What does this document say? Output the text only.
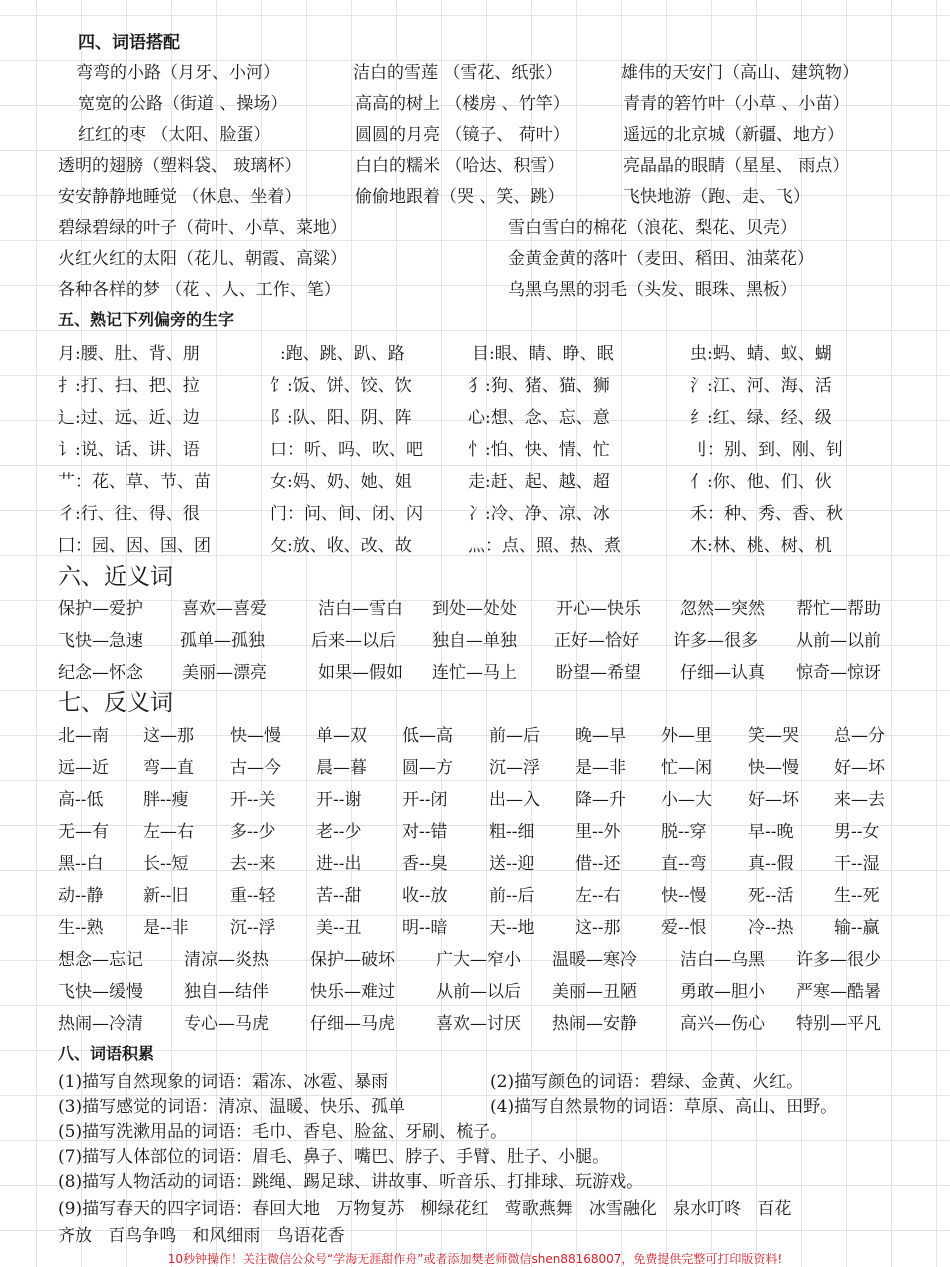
四、词语搭配
弯弯的小路（月牙、小河）	洁白的雪莲 （雪花、纸张）	雄伟的天安门（高山、建筑物）
宽宽的公路（街道 、操场）	高高的树上 （楼房 、竹竿）	青青的箬竹叶（小草 、小苗）
红红的枣 （太阳、脸蛋）	圆圆的月亮 （镜子、 荷叶）	遥远的北京城（新疆、地方）
透明的翅膀（塑料袋、 玻璃杯）	白白的糯米 （哈达、积雪）	亮晶晶的眼睛（星星、 雨点）
安安静静地睡觉 （休息、坐着）	偷偷地跟着（哭 、笑、跳）	飞快地游（跑、走、飞）
碧绿碧绿的叶子（荷叶、小草、菜地）	雪白雪白的棉花（浪花、梨花、贝壳）
火红火红的太阳（花儿、朝霞、高粱）	金黄金黄的落叶（麦田、稻田、油菜花）
各种各样的梦 （花 、人、工作、笔）	乌黑乌黑的羽毛（头发、眼珠、黑板）
五、熟记下列偏旁的生字
月:腰、肚、背、朋	:跑、跳、趴、路	目:眼、睛、睁、眠	虫:蚂、蜻、蚁、蝴
扌:打、扫、把、拉	饣:饭、饼、饺、饮	犭:狗、猪、猫、狮	氵:江、河、海、活
辶:过、远、近、边	阝:队、阳、阴、阵	心:想、念、忘、意	纟:红、绿、经、级
讠:说、话、讲、语	口：听、吗、吹、吧	忄:怕、快、情、忙	刂：别、到、刚、钊
艹：花、草、节、苗	女:妈、奶、她、姐	走:赶、起、越、超	亻:你、他、们、伙
彳:行、往、得、很	门：问、间、闭、闪	冫:冷、净、凉、冰	禾：种、秀、香、秋
囗：园、因、国、团	攵:放、收、改、故	灬：点、照、热、煮	木:林、桃、树、机
六、近义词
保护—爱护 喜欢—喜爱	洁白—雪白 到处—处处 开心—快乐 忽然—突然 帮忙—帮助
飞快—急速 孤单—孤独	后来—以后 独自—单独 正好—恰好 许多—很多 从前—以前
纪念—怀念 美丽—漂亮	如果—假如 连忙—马上 盼望—希望 仔细—认真 惊奇—惊讶
七、反义词
北—南 这—那 快—慢 单—双 低—高 前—后 晚—早 外—里 笑—哭 总—分
远—近 弯—直 古—今 晨—暮 圆—方 沉—浮 是—非 忙—闲 快—慢 好—坏
高--低 胖--瘦 开--关 开--谢 开--闭 出—入 降—升 小—大 好—坏 来—去
无—有 左—右 多--少 老--少 对--错 粗--细 里--外 脱--穿 早--晚 男--女
黑--白 长--短 去--来 进--出 香--臭 送--迎 借--还 直--弯 真--假 干--湿
动--静 新--旧 重--轻 苦--甜 收--放 前--后 左--右 快--慢 死--活 生--死
生--熟 是--非 沉--浮 美--丑 明--暗 天--地 这--那 爱--恨 冷--热 输--赢
想念—忘记 清凉—炎热 保护—破坏 广大—窄小 温暖—寒冷	洁白—乌黑 许多—很少
飞快—缓慢 独自—结伴 快乐—难过 从前—以后 美丽—丑陋	勇敢—胆小 严寒—酷暑
热闹—冷清 专心—马虎 仔细—马虎 喜欢—讨厌 热闹—安静	高兴—伤心 特别—平凡
八、词语积累
(1)描写自然现象的词语：霜冻、冰雹、暴雨	(2)描写颜色的词语：碧绿、金黄、火红。
(3)描写感觉的词语：清凉、温暖、快乐、孤单	(4)描写自然景物的词语：草原、高山、田野。
(5)描写洗漱用品的词语：毛巾、香皂、脸盆、牙刷、梳子。
(7)描写人体部位的词语：眉毛、鼻子、嘴巴、脖子、手臂、肚子、小腿。
(8)描写人物活动的词语：跳绳、踢足球、讲故事、听音乐、打排球、玩游戏。
(9)描写春天的四字词语：春回大地   万物复苏   柳绿花红   莺歌燕舞   冰雪融化   泉水叮咚   百花
齐放   百鸟争鸣   和风细雨   鸟语花香
10秒钟操作！关注微信公众号“学海无涯甜作舟”或者添加樊老师微信shen88168007，免费提供完整可打印版资料!
